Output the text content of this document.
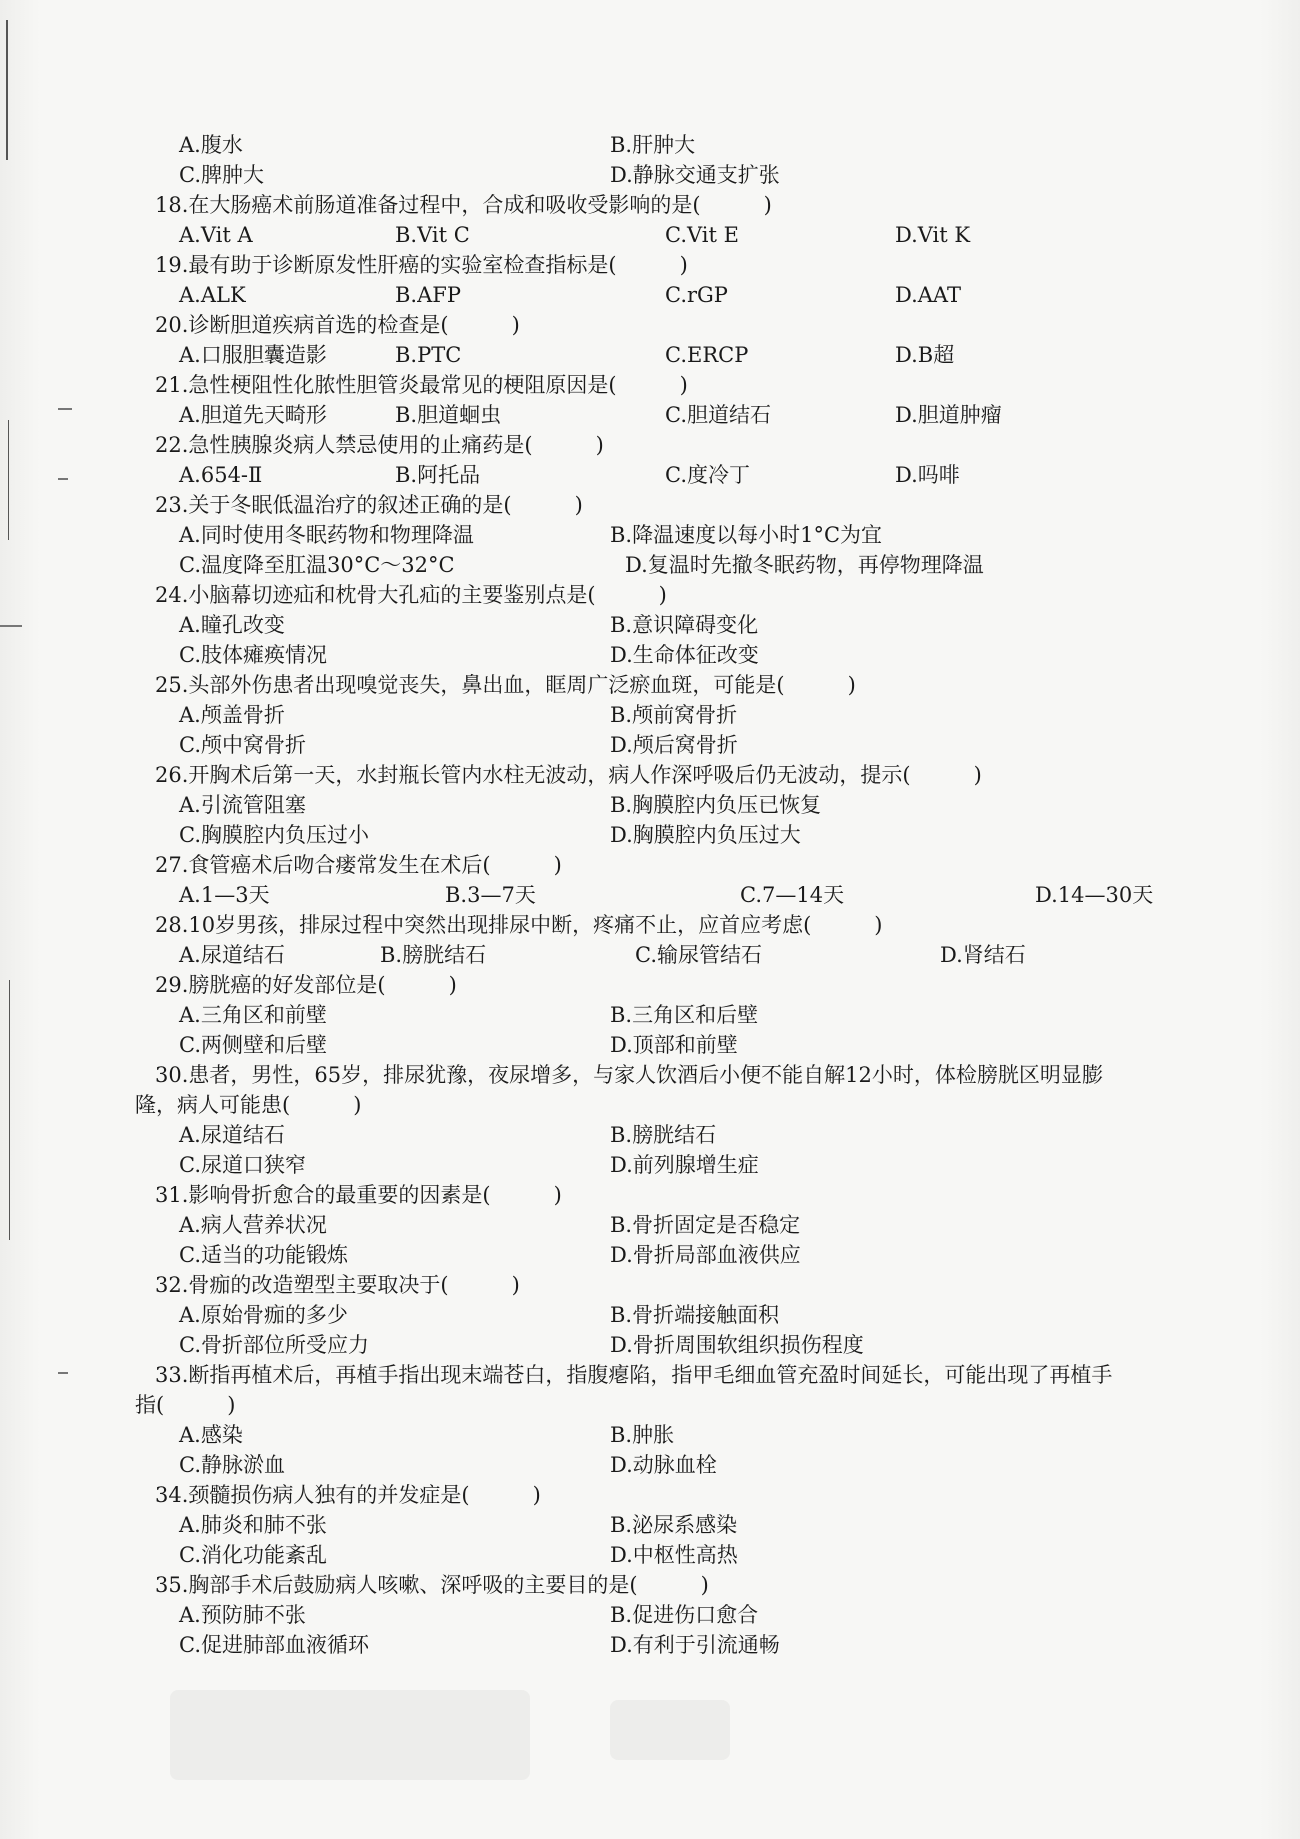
A.腹水	B.肝肿大
C.脾肿大	D.静脉交通支扩张

18.在大肠癌术前肠道准备过程中，合成和吸收受影响的是(　　　)

A.Vit A	B.Vit C	C.Vit E	D.Vit K

19.最有助于诊断原发性肝癌的实验室检查指标是(　　　)

A.ALK	B.AFP	C.rGP	D.AAT

20.诊断胆道疾病首选的检查是(　　　)

A.口服胆囊造影	B.PTC	C.ERCP	D.B超

21.急性梗阻性化脓性胆管炎最常见的梗阻原因是(　　　)

A.胆道先天畸形	B.胆道蛔虫	C.胆道结石	D.胆道肿瘤

22.急性胰腺炎病人禁忌使用的止痛药是(　　　)

A.654-Ⅱ	B.阿托品	C.度冷丁	D.吗啡

23.关于冬眠低温治疗的叙述正确的是(　　　)

A.同时使用冬眠药物和物理降温	B.降温速度以每小时1°C为宜
C.温度降至肛温30°C～32°C	D.复温时先撤冬眠药物，再停物理降温

24.小脑幕切迹疝和枕骨大孔疝的主要鉴别点是(　　　)

A.瞳孔改变	B.意识障碍变化
C.肢体瘫痪情况	D.生命体征改变

25.头部外伤患者出现嗅觉丧失，鼻出血，眶周广泛瘀血斑，可能是(　　　)

A.颅盖骨折	B.颅前窝骨折
C.颅中窝骨折	D.颅后窝骨折

26.开胸术后第一天，水封瓶长管内水柱无波动，病人作深呼吸后仍无波动，提示(　　　)

A.引流管阻塞	B.胸膜腔内负压已恢复
C.胸膜腔内负压过小	D.胸膜腔内负压过大

27.食管癌术后吻合瘘常发生在术后(　　　)

A.1—3天	B.3—7天	C.7—14天	D.14—30天

28.10岁男孩，排尿过程中突然出现排尿中断，疼痛不止，应首应考虑(　　　)

A.尿道结石	B.膀胱结石	C.输尿管结石	D.肾结石

29.膀胱癌的好发部位是(　　　)

A.三角区和前壁	B.三角区和后壁
C.两侧壁和后壁	D.顶部和前壁

30.患者，男性，65岁，排尿犹豫，夜尿增多，与家人饮酒后小便不能自解12小时，体检膀胱区明显膨

隆，病人可能患(　　　)

A.尿道结石	B.膀胱结石
C.尿道口狭窄	D.前列腺增生症

31.影响骨折愈合的最重要的因素是(　　　)

A.病人营养状况	B.骨折固定是否稳定
C.适当的功能锻炼	D.骨折局部血液供应

32.骨痂的改造塑型主要取决于(　　　)

A.原始骨痂的多少	B.骨折端接触面积
C.骨折部位所受应力	D.骨折周围软组织损伤程度

33.断指再植术后，再植手指出现末端苍白，指腹瘪陷，指甲毛细血管充盈时间延长，可能出现了再植手

指(　　　)

A.感染	B.肿胀
C.静脉淤血	D.动脉血栓

34.颈髓损伤病人独有的并发症是(　　　)

A.肺炎和肺不张	B.泌尿系感染
C.消化功能紊乱	D.中枢性高热

35.胸部手术后鼓励病人咳嗽、深呼吸的主要目的是(　　　)

A.预防肺不张	B.促进伤口愈合
C.促进肺部血液循环	D.有利于引流通畅
